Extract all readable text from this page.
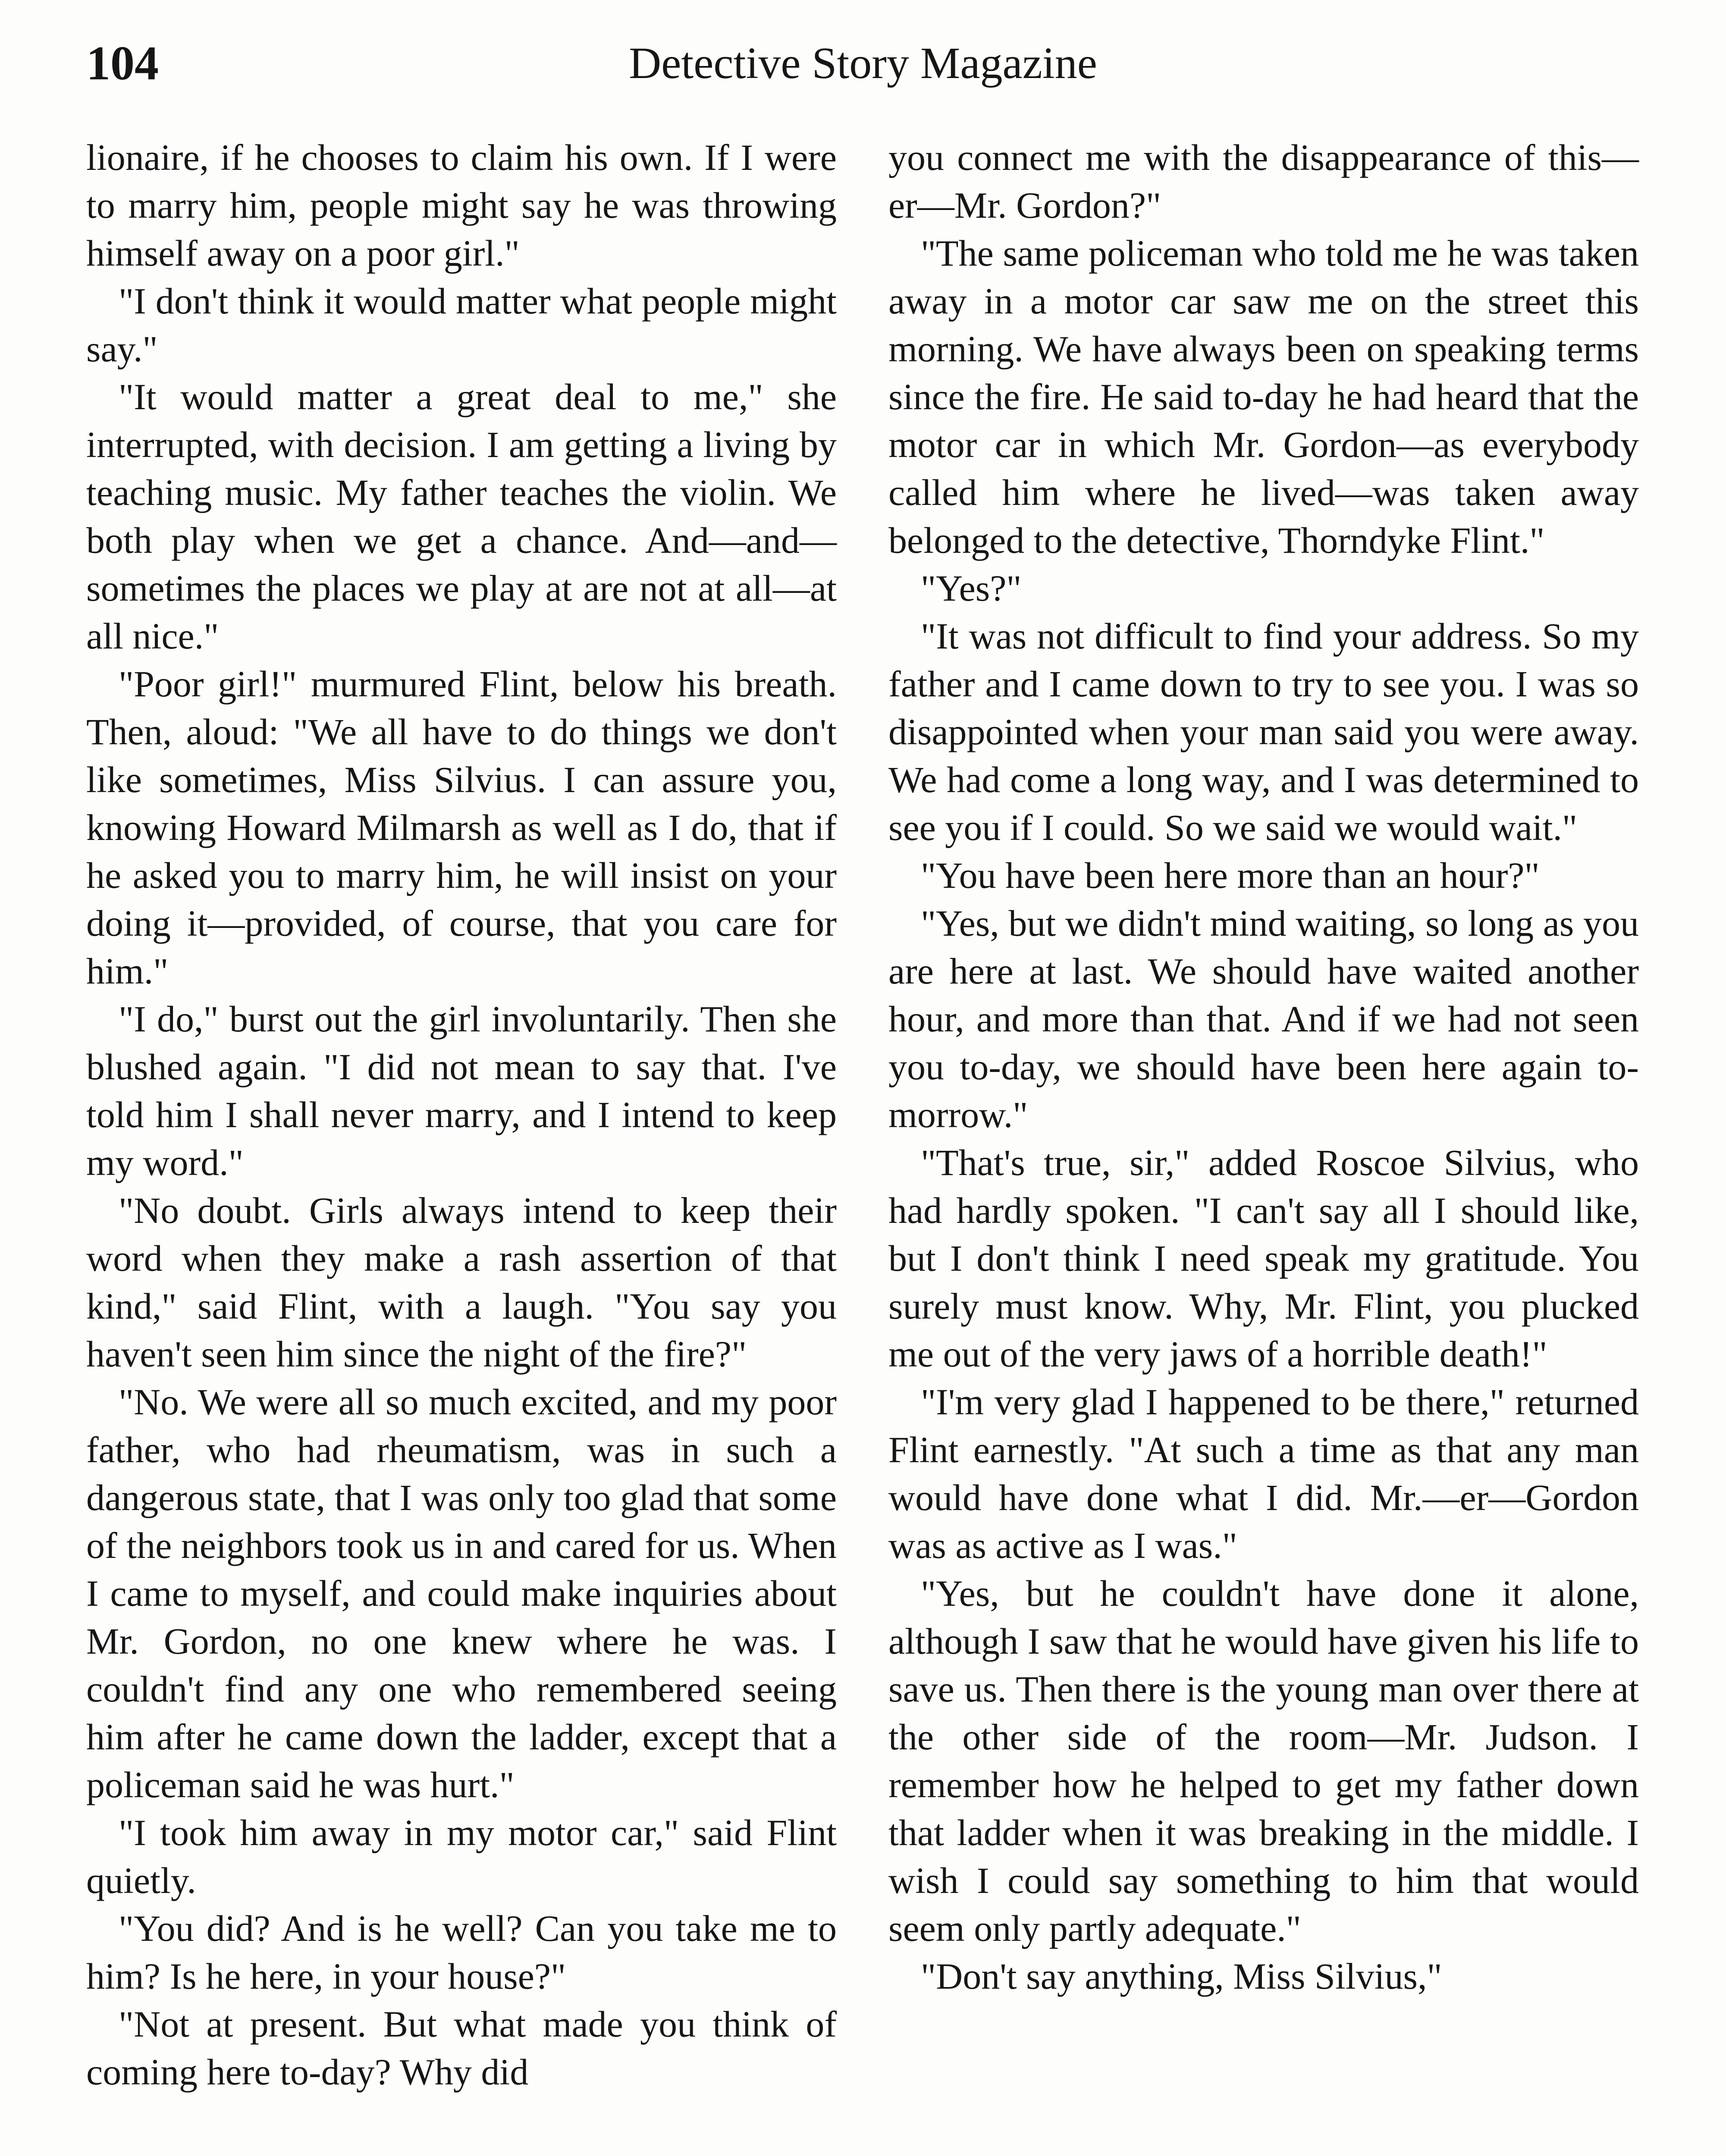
104	Detective Story Magazine

lionaire, if he chooses to claim his own. If I were to marry him, people might say he was throwing himself away on a poor girl."

"I don't think it would matter what people might say."

"It would matter a great deal to me," she interrupted, with decision. I am getting a living by teaching music. My father teaches the violin. We both play when we get a chance. And—and—sometimes the places we play at are not at all—at all nice."

"Poor girl!" murmured Flint, below his breath. Then, aloud: "We all have to do things we don't like sometimes, Miss Silvius. I can assure you, knowing Howard Milmarsh as well as I do, that if he asked you to marry him, he will insist on your doing it—provided, of course, that you care for him."

"I do," burst out the girl involuntarily. Then she blushed again. "I did not mean to say that. I've told him I shall never marry, and I intend to keep my word."

"No doubt. Girls always intend to keep their word when they make a rash assertion of that kind," said Flint, with a laugh. "You say you haven't seen him since the night of the fire?"

"No. We were all so much excited, and my poor father, who had rheumatism, was in such a dangerous state, that I was only too glad that some of the neighbors took us in and cared for us. When I came to myself, and could make inquiries about Mr. Gordon, no one knew where he was. I couldn't find any one who remembered seeing him after he came down the ladder, except that a policeman said he was hurt."

"I took him away in my motor car," said Flint quietly.

"You did? And is he well? Can you take me to him? Is he here, in your house?"

"Not at present. But what made you think of coming here to-day? Why did

you connect me with the disappearance of this—er—Mr. Gordon?"

"The same policeman who told me he was taken away in a motor car saw me on the street this morning. We have always been on speaking terms since the fire. He said to-day he had heard that the motor car in which Mr. Gordon—as everybody called him where he lived—was taken away belonged to the detective, Thorndyke Flint."

"Yes?"

"It was not difficult to find your address. So my father and I came down to try to see you. I was so disappointed when your man said you were away. We had come a long way, and I was determined to see you if I could. So we said we would wait."

"You have been here more than an hour?"

"Yes, but we didn't mind waiting, so long as you are here at last. We should have waited another hour, and more than that. And if we had not seen you to-day, we should have been here again to-morrow."

"That's true, sir," added Roscoe Silvius, who had hardly spoken. "I can't say all I should like, but I don't think I need speak my gratitude. You surely must know. Why, Mr. Flint, you plucked me out of the very jaws of a horrible death!"

"I'm very glad I happened to be there," returned Flint earnestly. "At such a time as that any man would have done what I did. Mr.—er—Gordon was as active as I was."

"Yes, but he couldn't have done it alone, although I saw that he would have given his life to save us. Then there is the young man over there at the other side of the room—Mr. Judson. I remember how he helped to get my father down that ladder when it was breaking in the middle. I wish I could say something to him that would seem only partly adequate."

"Don't say anything, Miss Silvius,"
